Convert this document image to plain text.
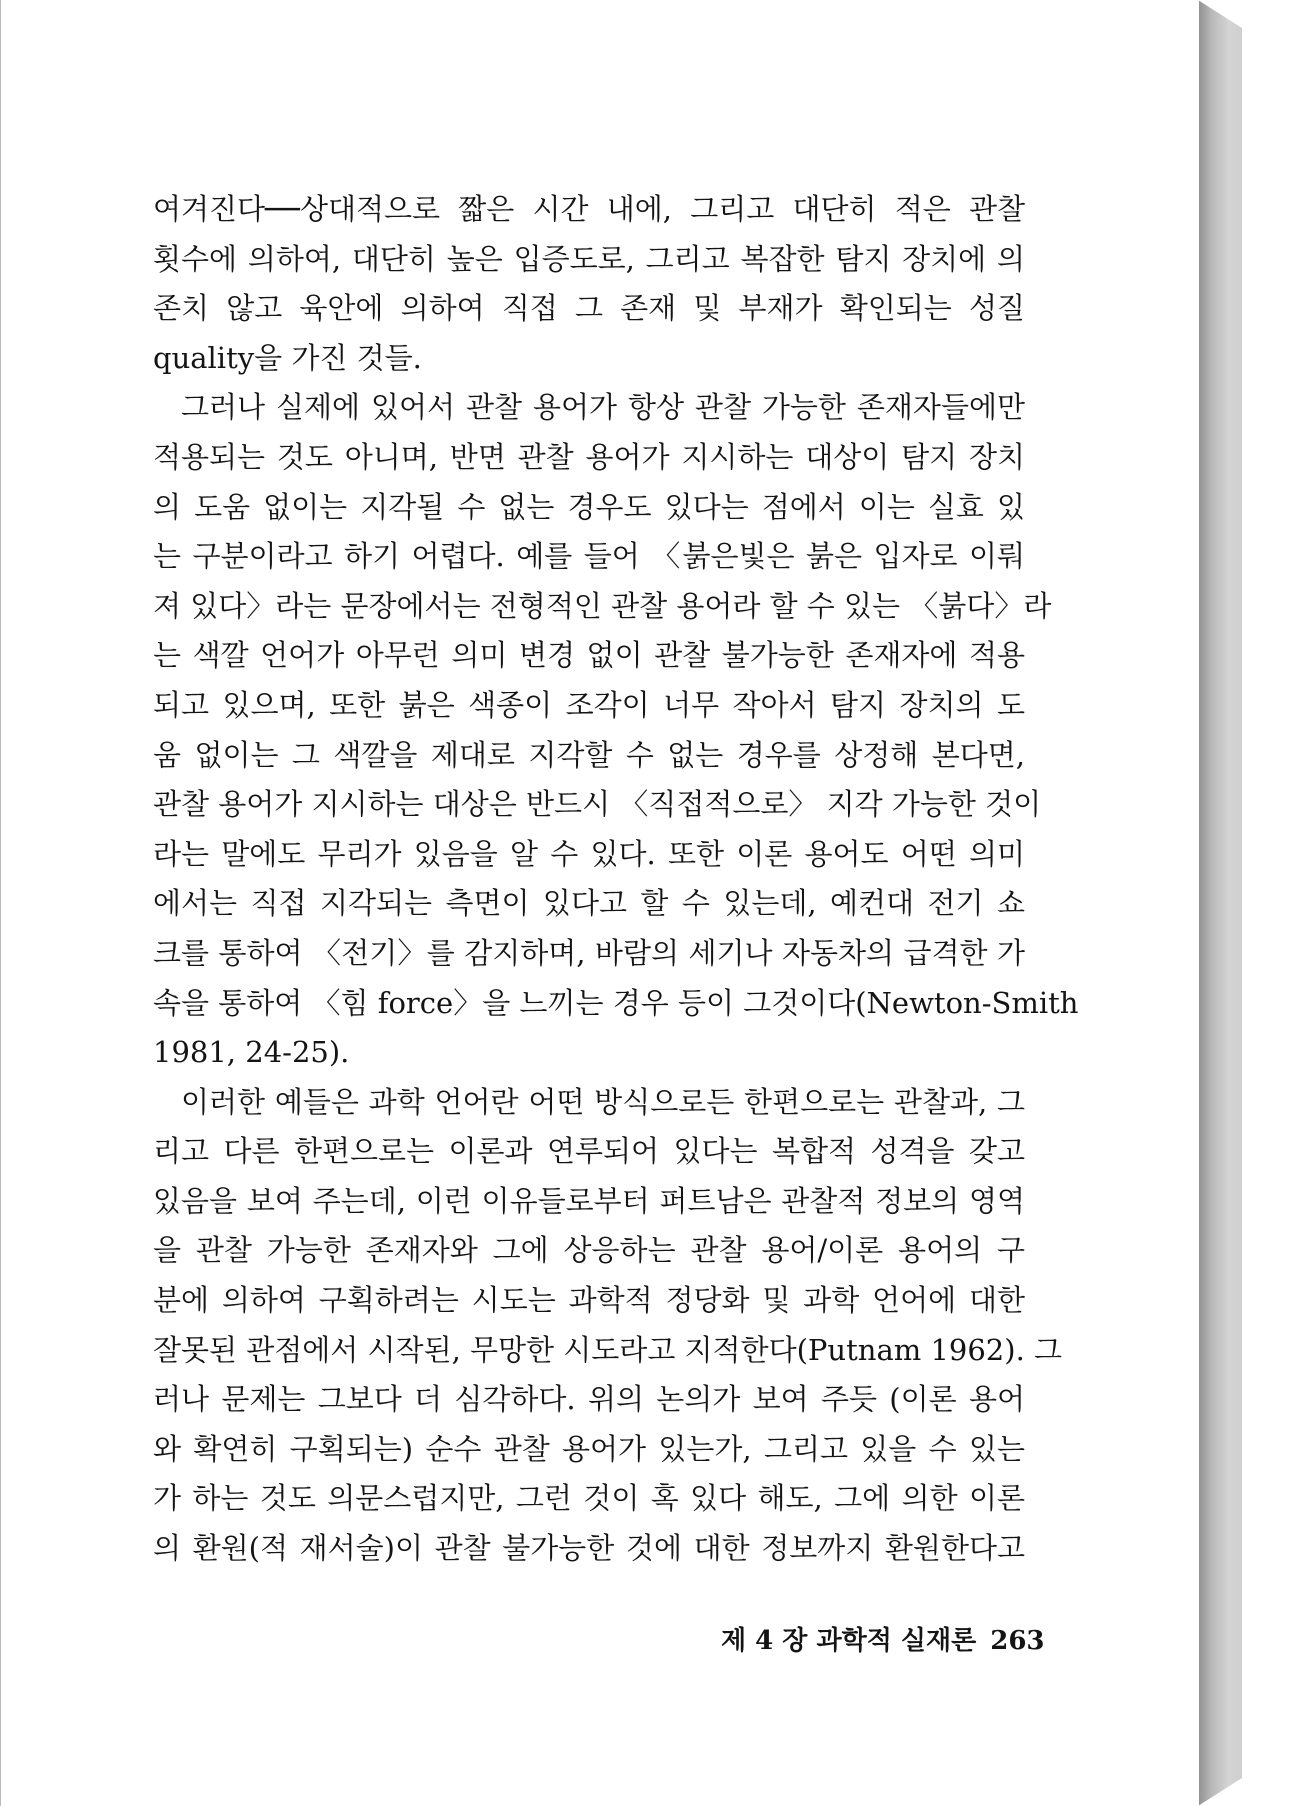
여겨진다──상대적으로 짧은 시간 내에, 그리고 대단히 적은 관찰
횟수에 의하여, 대단히 높은 입증도로, 그리고 복잡한 탐지 장치에 의
존치 않고 육안에 의하여 직접 그 존재 및 부재가 확인되는 성질
quality을 가진 것들.
그러나 실제에 있어서 관찰 용어가 항상 관찰 가능한 존재자들에만
적용되는 것도 아니며, 반면 관찰 용어가 지시하는 대상이 탐지 장치
의 도움 없이는 지각될 수 없는 경우도 있다는 점에서 이는 실효 있
는 구분이라고 하기 어렵다. 예를 들어 〈붉은빛은 붉은 입자로 이뤄
져 있다〉라는 문장에서는 전형적인 관찰 용어라 할 수 있는 〈붉다〉라
는 색깔 언어가 아무런 의미 변경 없이 관찰 불가능한 존재자에 적용
되고 있으며, 또한 붉은 색종이 조각이 너무 작아서 탐지 장치의 도
움 없이는 그 색깔을 제대로 지각할 수 없는 경우를 상정해 본다면,
관찰 용어가 지시하는 대상은 반드시 〈직접적으로〉 지각 가능한 것이
라는 말에도 무리가 있음을 알 수 있다. 또한 이론 용어도 어떤 의미
에서는 직접 지각되는 측면이 있다고 할 수 있는데, 예컨대 전기 쇼
크를 통하여 〈전기〉를 감지하며, 바람의 세기나 자동차의 급격한 가
속을 통하여 〈힘 force〉을 느끼는 경우 등이 그것이다(Newton-Smith
1981, 24-25).
이러한 예들은 과학 언어란 어떤 방식으로든 한편으로는 관찰과, 그
리고 다른 한편으로는 이론과 연루되어 있다는 복합적 성격을 갖고
있음을 보여 주는데, 이런 이유들로부터 퍼트남은 관찰적 정보의 영역
을 관찰 가능한 존재자와 그에 상응하는 관찰 용어/이론 용어의 구
분에 의하여 구획하려는 시도는 과학적 정당화 및 과학 언어에 대한
잘못된 관점에서 시작된, 무망한 시도라고 지적한다(Putnam 1962). 그
러나 문제는 그보다 더 심각하다. 위의 논의가 보여 주듯 (이론 용어
와 확연히 구획되는) 순수 관찰 용어가 있는가, 그리고 있을 수 있는
가 하는 것도 의문스럽지만, 그런 것이 혹 있다 해도, 그에 의한 이론
의 환원(적 재서술)이 관찰 불가능한 것에 대한 정보까지 환원한다고
제 4 장 과학적 실재론 263
